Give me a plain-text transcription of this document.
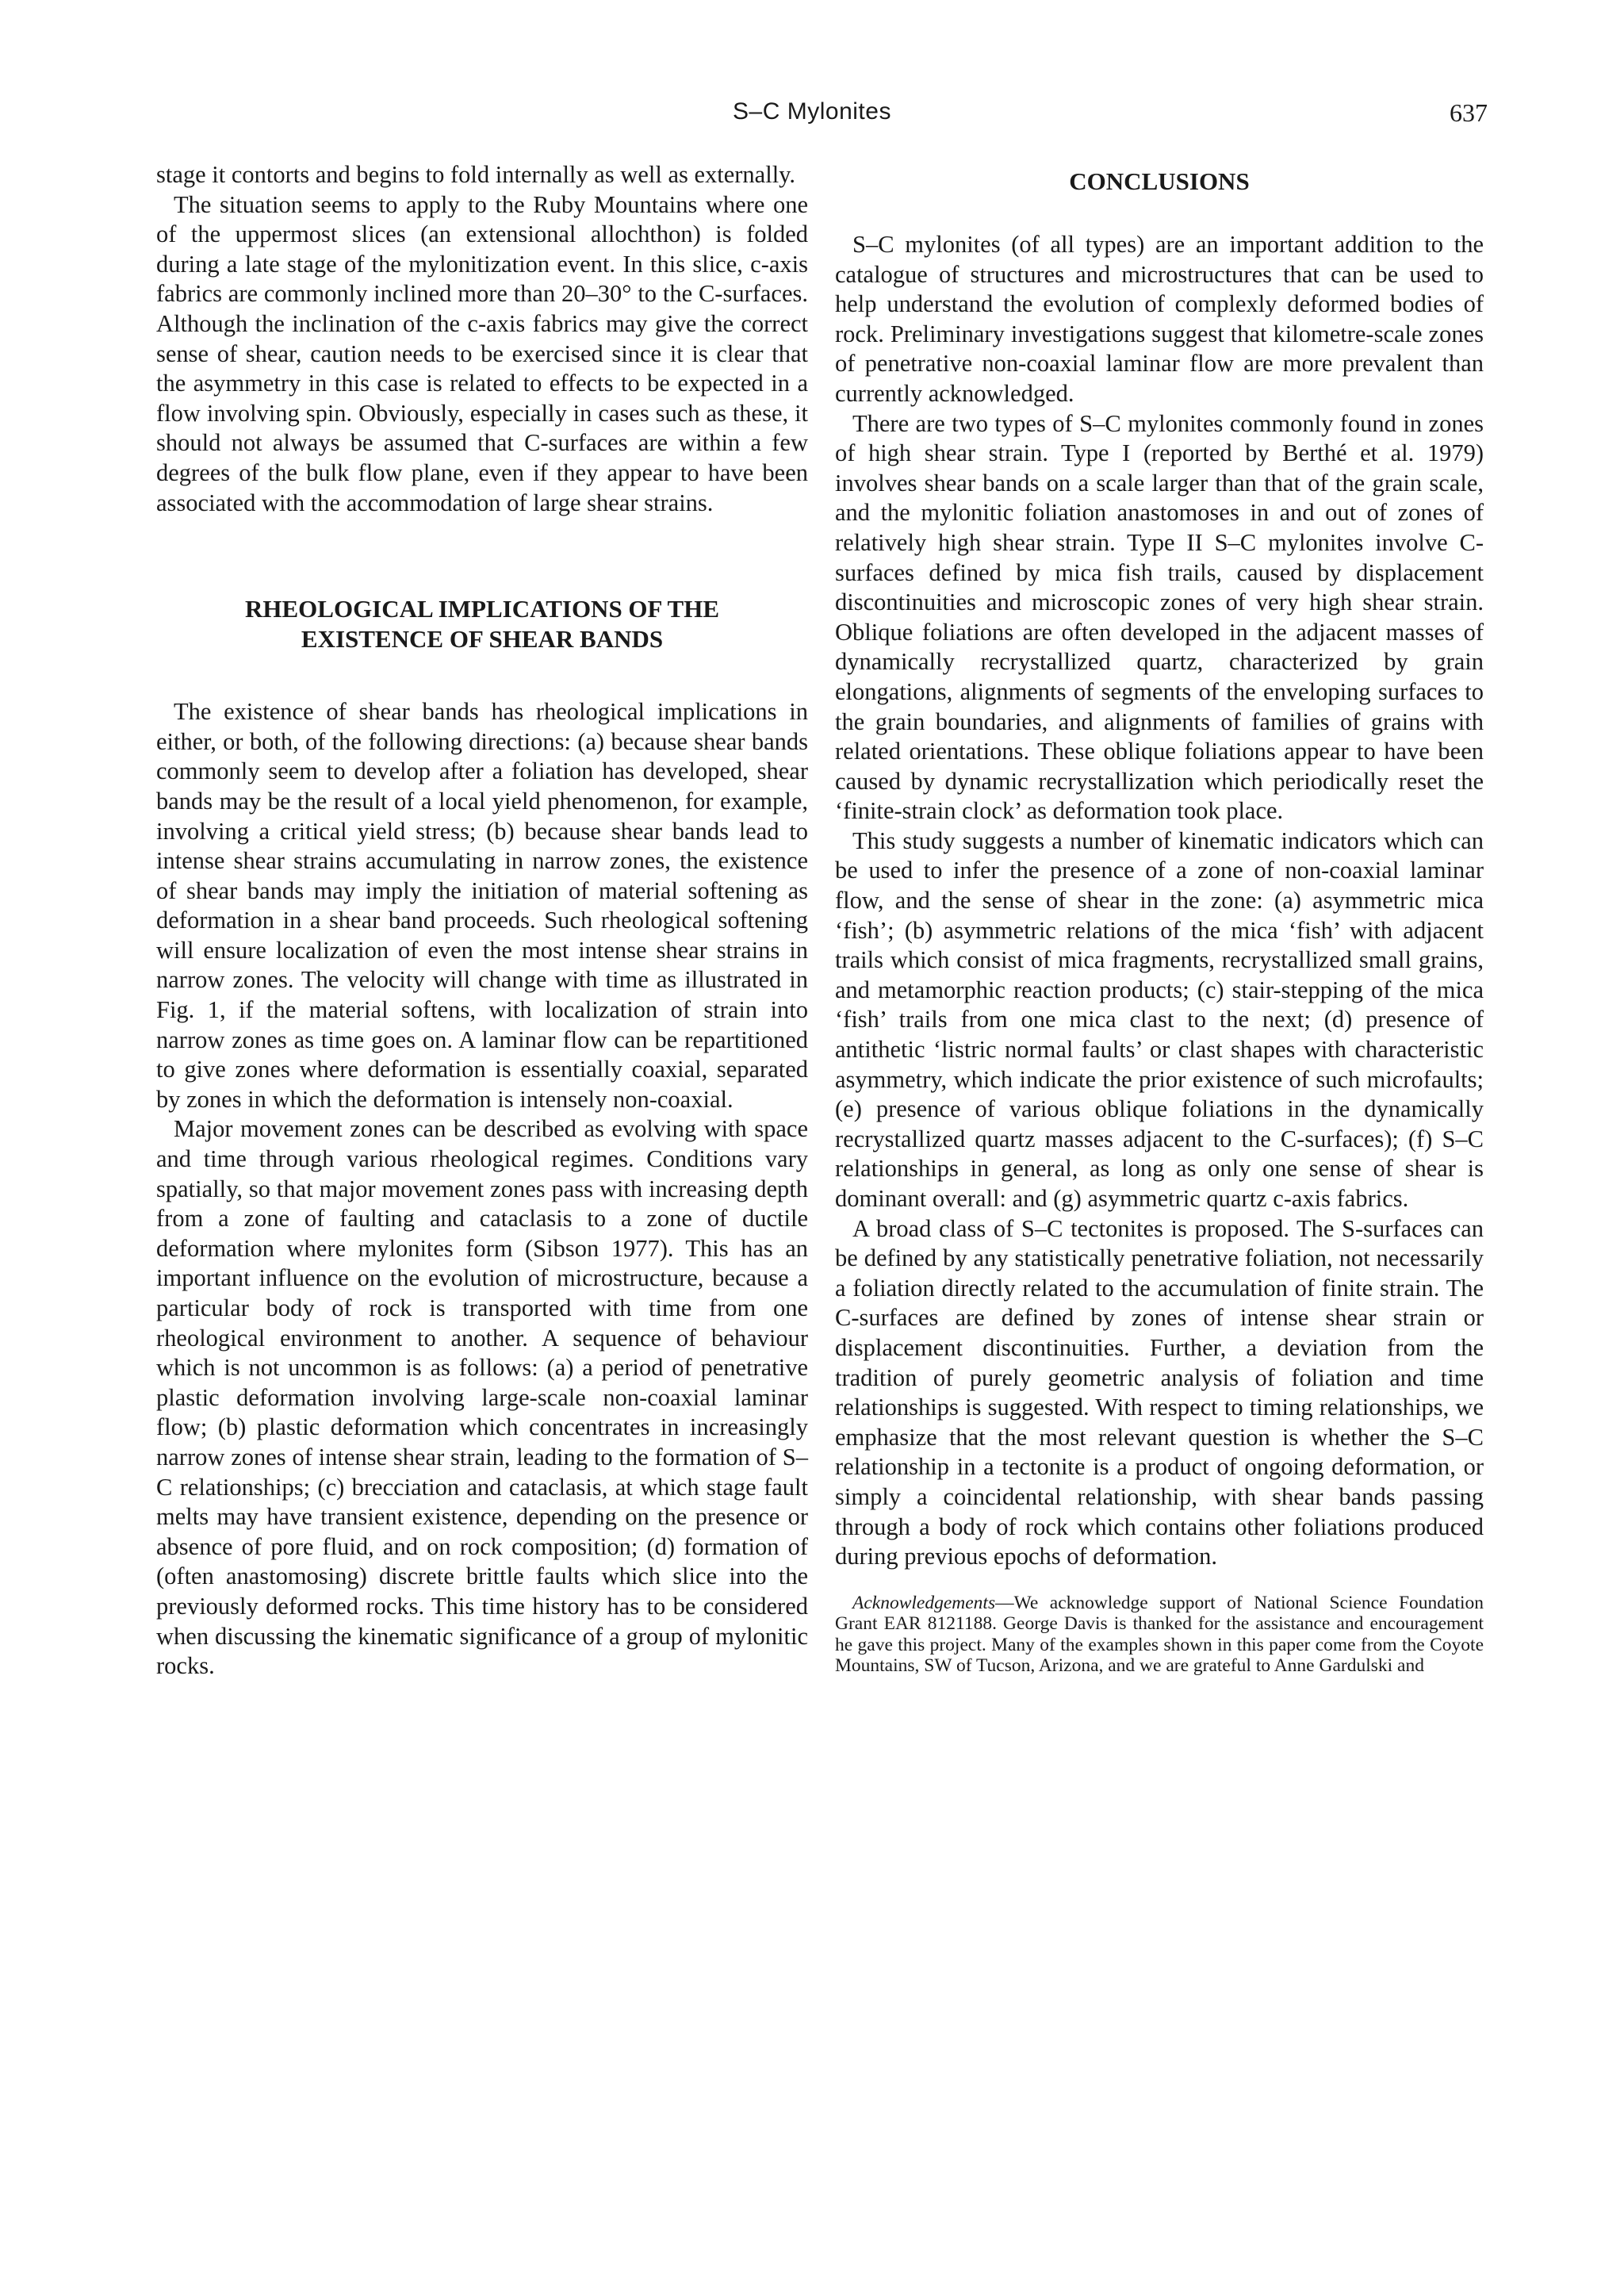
S–C Mylonites	637

stage it contorts and begins to fold internally as well as externally.

The situation seems to apply to the Ruby Mountains where one of the uppermost slices (an extensional allochthon) is folded during a late stage of the mylonitization event. In this slice, c-axis fabrics are commonly inclined more than 20–30° to the C-surfaces. Although the inclination of the c-axis fabrics may give the correct sense of shear, caution needs to be exercised since it is clear that the asymmetry in this case is related to effects to be expected in a flow involving spin. Obviously, especially in cases such as these, it should not always be assumed that C-surfaces are within a few degrees of the bulk flow plane, even if they appear to have been associated with the accommodation of large shear strains.

RHEOLOGICAL IMPLICATIONS OF THE
EXISTENCE OF SHEAR BANDS

The existence of shear bands has rheological implications in either, or both, of the following directions: (a) because shear bands commonly seem to develop after a foliation has developed, shear bands may be the result of a local yield phenomenon, for example, involving a critical yield stress; (b) because shear bands lead to intense shear strains accumulating in narrow zones, the existence of shear bands may imply the initiation of material softening as deformation in a shear band proceeds. Such rheological softening will ensure localization of even the most intense shear strains in narrow zones. The velocity will change with time as illustrated in Fig. 1, if the material softens, with localization of strain into narrow zones as time goes on. A laminar flow can be repartitioned to give zones where deformation is essentially coaxial, separated by zones in which the deformation is intensely non-coaxial.

Major movement zones can be described as evolving with space and time through various rheological regimes. Conditions vary spatially, so that major movement zones pass with increasing depth from a zone of faulting and cataclasis to a zone of ductile deformation where mylonites form (Sibson 1977). This has an important influence on the evolution of microstructure, because a particular body of rock is transported with time from one rheological environment to another. A sequence of behaviour which is not uncommon is as follows: (a) a period of penetrative plastic deformation involving large-scale non-coaxial laminar flow; (b) plastic deformation which concentrates in increasingly narrow zones of intense shear strain, leading to the formation of S–C relationships; (c) brecciation and cataclasis, at which stage fault melts may have transient existence, depending on the presence or absence of pore fluid, and on rock composition; (d) formation of (often anastomosing) discrete brittle faults which slice into the previously deformed rocks. This time history has to be considered when discussing the kinematic significance of a group of mylonitic rocks.

CONCLUSIONS

S–C mylonites (of all types) are an important addition to the catalogue of structures and microstructures that can be used to help understand the evolution of complexly deformed bodies of rock. Preliminary investigations suggest that kilometre-scale zones of penetrative non-coaxial laminar flow are more prevalent than currently acknowledged.

There are two types of S–C mylonites commonly found in zones of high shear strain. Type I (reported by Berthé et al. 1979) involves shear bands on a scale larger than that of the grain scale, and the mylonitic foliation anastomoses in and out of zones of relatively high shear strain. Type II S–C mylonites involve C-surfaces defined by mica fish trails, caused by displacement discontinuities and microscopic zones of very high shear strain. Oblique foliations are often developed in the adjacent masses of dynamically recrystallized quartz, characterized by grain elongations, alignments of segments of the enveloping surfaces to the grain boundaries, and alignments of families of grains with related orientations. These oblique foliations appear to have been caused by dynamic recrystallization which periodically reset the ‘finite-strain clock’ as deformation took place.

This study suggests a number of kinematic indicators which can be used to infer the presence of a zone of non-coaxial laminar flow, and the sense of shear in the zone: (a) asymmetric mica ‘fish’; (b) asymmetric relations of the mica ‘fish’ with adjacent trails which consist of mica fragments, recrystallized small grains, and metamorphic reaction products; (c) stair-stepping of the mica ‘fish’ trails from one mica clast to the next; (d) presence of antithetic ‘listric normal faults’ or clast shapes with characteristic asymmetry, which indicate the prior existence of such microfaults; (e) presence of various oblique foliations in the dynamically recrystallized quartz masses adjacent to the C-surfaces); (f) S–C relationships in general, as long as only one sense of shear is dominant overall: and (g) asymmetric quartz c-axis fabrics.

A broad class of S–C tectonites is proposed. The S-surfaces can be defined by any statistically penetrative foliation, not necessarily a foliation directly related to the accumulation of finite strain. The C-surfaces are defined by zones of intense shear strain or displacement discontinuities. Further, a deviation from the tradition of purely geometric analysis of foliation and time relationships is suggested. With respect to timing relationships, we emphasize that the most relevant question is whether the S–C relationship in a tectonite is a product of ongoing deformation, or simply a coincidental relationship, with shear bands passing through a body of rock which contains other foliations produced during previous epochs of deformation.

Acknowledgements—We acknowledge support of National Science Foundation Grant EAR 8121188. George Davis is thanked for the assistance and encouragement he gave this project. Many of the examples shown in this paper come from the Coyote Mountains, SW of Tucson, Arizona, and we are grateful to Anne Gardulski and
